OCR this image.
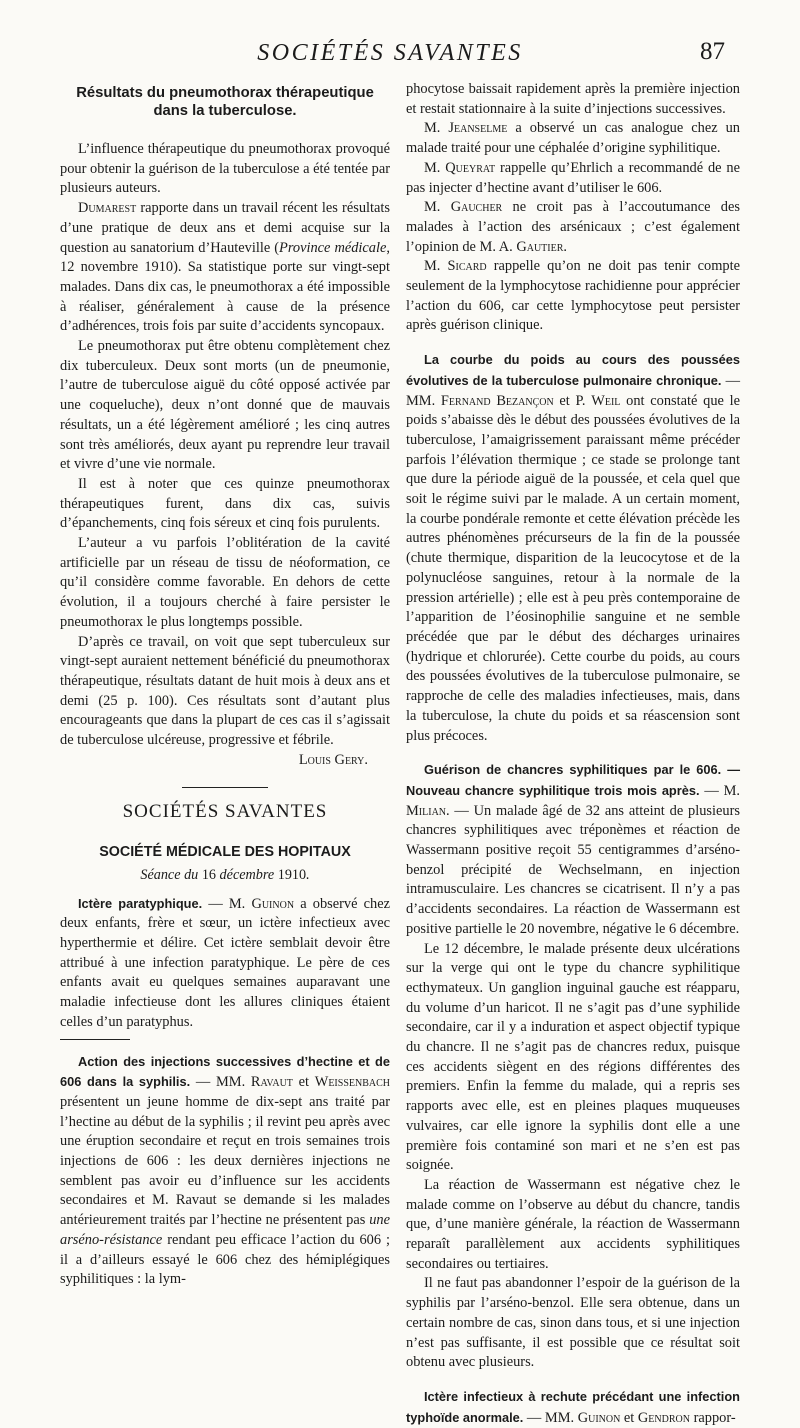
SOCIÉTÉS SAVANTES	87
Résultats du pneumothorax thérapeutique
dans la tuberculose.

L’influence thérapeutique du pneumothorax provoqué pour obtenir la guérison de la tuberculose a été tentée par plusieurs auteurs.

Dumarest rapporte dans un travail récent les résultats d’une pratique de deux ans et demi acquise sur la question au sanatorium d’Hauteville (Province médicale, 12 novembre 1910). Sa statistique porte sur vingt-sept malades. Dans dix cas, le pneumothorax a été impossible à réaliser, généralement à cause de la présence d’adhérences, trois fois par suite d’accidents syncopaux.

Le pneumothorax put être obtenu complètement chez dix tuberculeux. Deux sont morts (un de pneumonie, l’autre de tuberculose aiguë du côté opposé activée par une coqueluche), deux n’ont donné que de mauvais résultats, un a été légèrement amélioré ; les cinq autres sont très améliorés, deux ayant pu reprendre leur travail et vivre d’une vie normale.

Il est à noter que ces quinze pneumothorax thérapeutiques furent, dans dix cas, suivis d’épanchements, cinq fois séreux et cinq fois purulents.

L’auteur a vu parfois l’oblitération de la cavité artificielle par un réseau de tissu de néoformation, ce qu’il considère comme favorable. En dehors de cette évolution, il a toujours cherché à faire persister le pneumothorax le plus longtemps possible.

D’après ce travail, on voit que sept tuberculeux sur vingt-sept auraient nettement bénéficié du pneumothorax thérapeutique, résultats datant de huit mois à deux ans et demi (25 p. 100). Ces résultats sont d’autant plus encourageants que dans la plupart de ces cas il s’agissait de tuberculose ulcéreuse, progressive et fébrile.

Louis Gery.

SOCIÉTÉS SAVANTES
SOCIÉTÉ MÉDICALE DES HOPITAUX
Séance du 16 décembre 1910.

Ictère paratyphique. — M. Guinon a observé chez deux enfants, frère et sœur, un ictère infectieux avec hyperthermie et délire. Cet ictère semblait devoir être attribué à une infection paratyphique. Le père de ces enfants avait eu quelques semaines auparavant une maladie infectieuse dont les allures cliniques étaient celles d’un paratyphus.

Action des injections successives d’hectine et de 606 dans la syphilis. — MM. Ravaut et Weissenbach présentent un jeune homme de dix-sept ans traité par l’hectine au début de la syphilis ; il revint peu après avec une éruption secondaire et reçut en trois semaines trois injections de 606 : les deux dernières injections ne semblent pas avoir eu d’influence sur les accidents secondaires et M. Ravaut se demande si les malades antérieurement traités par l’hectine ne présentent pas une arséno-résistance rendant peu efficace l’action du 606 ; il a d’ailleurs essayé le 606 chez des hémiplégiques syphilitiques : la lym-

phocytose baissait rapidement après la première injection et restait stationnaire à la suite d’injections successives.

M. Jeanselme a observé un cas analogue chez un malade traité pour une céphalée d’origine syphilitique.

M. Queyrat rappelle qu’Ehrlich a recommandé de ne pas injecter d’hectine avant d’utiliser le 606.

M. Gaucher ne croit pas à l’accoutumance des malades à l’action des arsénicaux ; c’est également l’opinion de M. A. Gautier.

M. Sicard rappelle qu’on ne doit pas tenir compte seulement de la lymphocytose rachidienne pour apprécier l’action du 606, car cette lymphocytose peut persister après guérison clinique.

La courbe du poids au cours des poussées évolutives de la tuberculose pulmonaire chronique. — MM. Fernand Bezançon et P. Weil ont constaté que le poids s’abaisse dès le début des poussées évolutives de la tuberculose, l’amaigrissement paraissant même précéder parfois l’élévation thermique ; ce stade se prolonge tant que dure la période aiguë de la poussée, et cela quel que soit le régime suivi par le malade. A un certain moment, la courbe pondérale remonte et cette élévation précède les autres phénomènes précurseurs de la fin de la poussée (chute thermique, disparition de la leucocytose et de la polynucléose sanguines, retour à la normale de la pression artérielle) ; elle est à peu près contemporaine de l’apparition de l’éosinophilie sanguine et ne semble précédée que par le début des décharges urinaires (hydrique et chlorurée). Cette courbe du poids, au cours des poussées évolutives de la tuberculose pulmonaire, se rapproche de celle des maladies infectieuses, mais, dans la tuberculose, la chute du poids et sa réascension sont plus précoces.

Guérison de chancres syphilitiques par le 606. — Nouveau chancre syphilitique trois mois après. — M. Milian. — Un malade âgé de 32 ans atteint de plusieurs chancres syphilitiques avec tréponèmes et réaction de Wassermann positive reçoit 55 centigrammes d’arséno-benzol précipité de Wechselmann, en injection intramusculaire. Les chancres se cicatrisent. Il n’y a pas d’accidents secondaires. La réaction de Wassermann est positive partielle le 20 novembre, négative le 6 décembre.

Le 12 décembre, le malade présente deux ulcérations sur la verge qui ont le type du chancre syphilitique ecthymateux. Un ganglion inguinal gauche est réapparu, du volume d’un haricot. Il ne s’agit pas d’une syphilide secondaire, car il y a induration et aspect objectif typique du chancre. Il ne s’agit pas de chancres redux, puisque ces accidents siègent en des régions différentes des premiers. Enfin la femme du malade, qui a repris ses rapports avec elle, est en pleines plaques muqueuses vulvaires, car elle ignore la syphilis dont elle a une première fois contaminé son mari et ne s’en est pas soignée.

La réaction de Wassermann est négative chez le malade comme on l’observe au début du chancre, tandis que, d’une manière générale, la réaction de Wassermann reparaît parallèlement aux accidents syphilitiques secondaires ou tertiaires.

Il ne faut pas abandonner l’espoir de la guérison de la syphilis par l’arséno-benzol. Elle sera obtenue, dans un certain nombre de cas, sinon dans tous, et si une injection n’est pas suffisante, il est possible que ce résultat soit obtenu avec plusieurs.

Ictère infectieux à rechute précédant une infection typhoïde anormale. — MM. Guinon et Gendron rappor-
